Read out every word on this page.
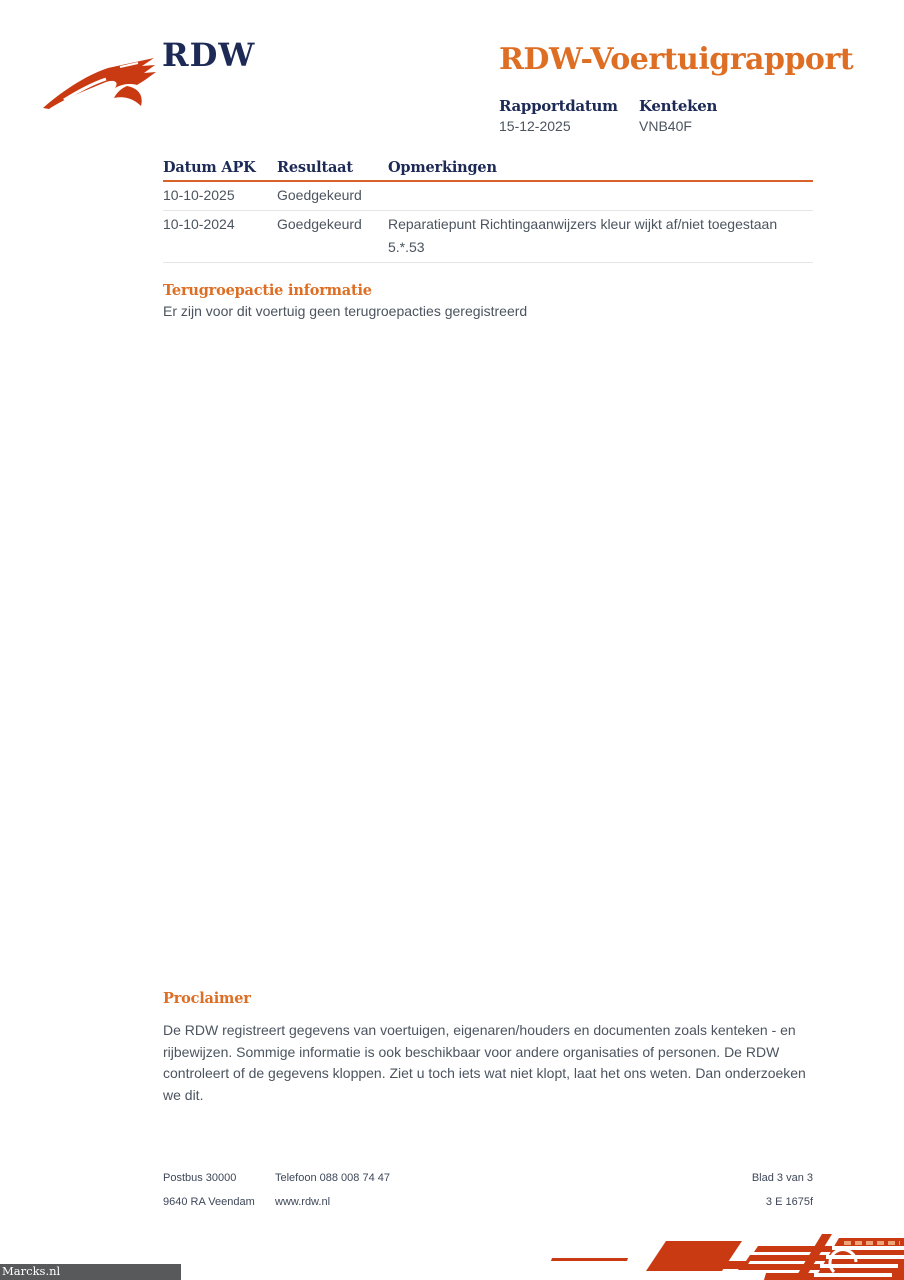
RDW	RDW-Voertuigrapport
Rapportdatum
15-12-2025
Kenteken
VNB40F
Datum APK	Resultaat	Opmerkingen
10-10-2025	Goedgekeurd
10-10-2024	Goedgekeurd	Reparatiepunt Richtingaanwijzers kleur wijkt af/niet toegestaan
5.*.53
Terugroepactie informatie
Er zijn voor dit voertuig geen terugroepacties geregistreerd
Proclaimer
De RDW registreert gegevens van voertuigen, eigenaren/houders en documenten zoals kenteken - en
rijbewijzen. Sommige informatie is ook beschikbaar voor andere organisaties of personen. De RDW
controleert of de gegevens kloppen. Ziet u toch iets wat niet klopt, laat het ons weten. Dan onderzoeken
we dit.
Postbus 30000	Telefoon 088 008 74 47	Blad 3 van 3
9640 RA Veendam www.rdw.nl	3 E 1675f
Marcks.nl
